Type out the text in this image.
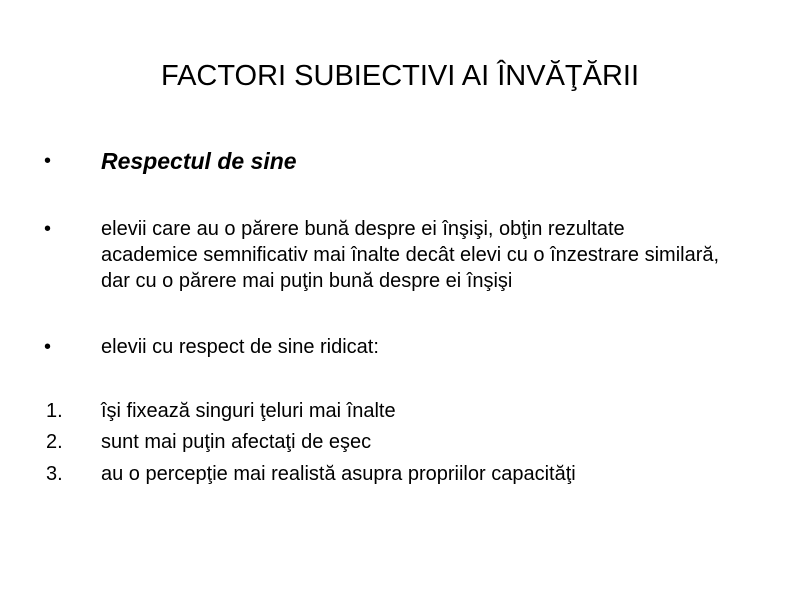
FACTORI SUBIECTIVI AI ÎNVĂŢĂRII
•	Respectul de sine
•	elevii care au o părere bună despre ei înşişi, obţin rezultate academice semnificativ mai înalte decât elevi cu o înzestrare similară, dar cu o părere mai puţin bună despre ei înşişi
•	elevii cu respect de sine ridicat:
1.	îşi fixează singuri ţeluri mai înalte
2.	sunt mai puţin afectaţi de eşec
3.	au o percepţie mai realistă asupra propriilor capacităţi
